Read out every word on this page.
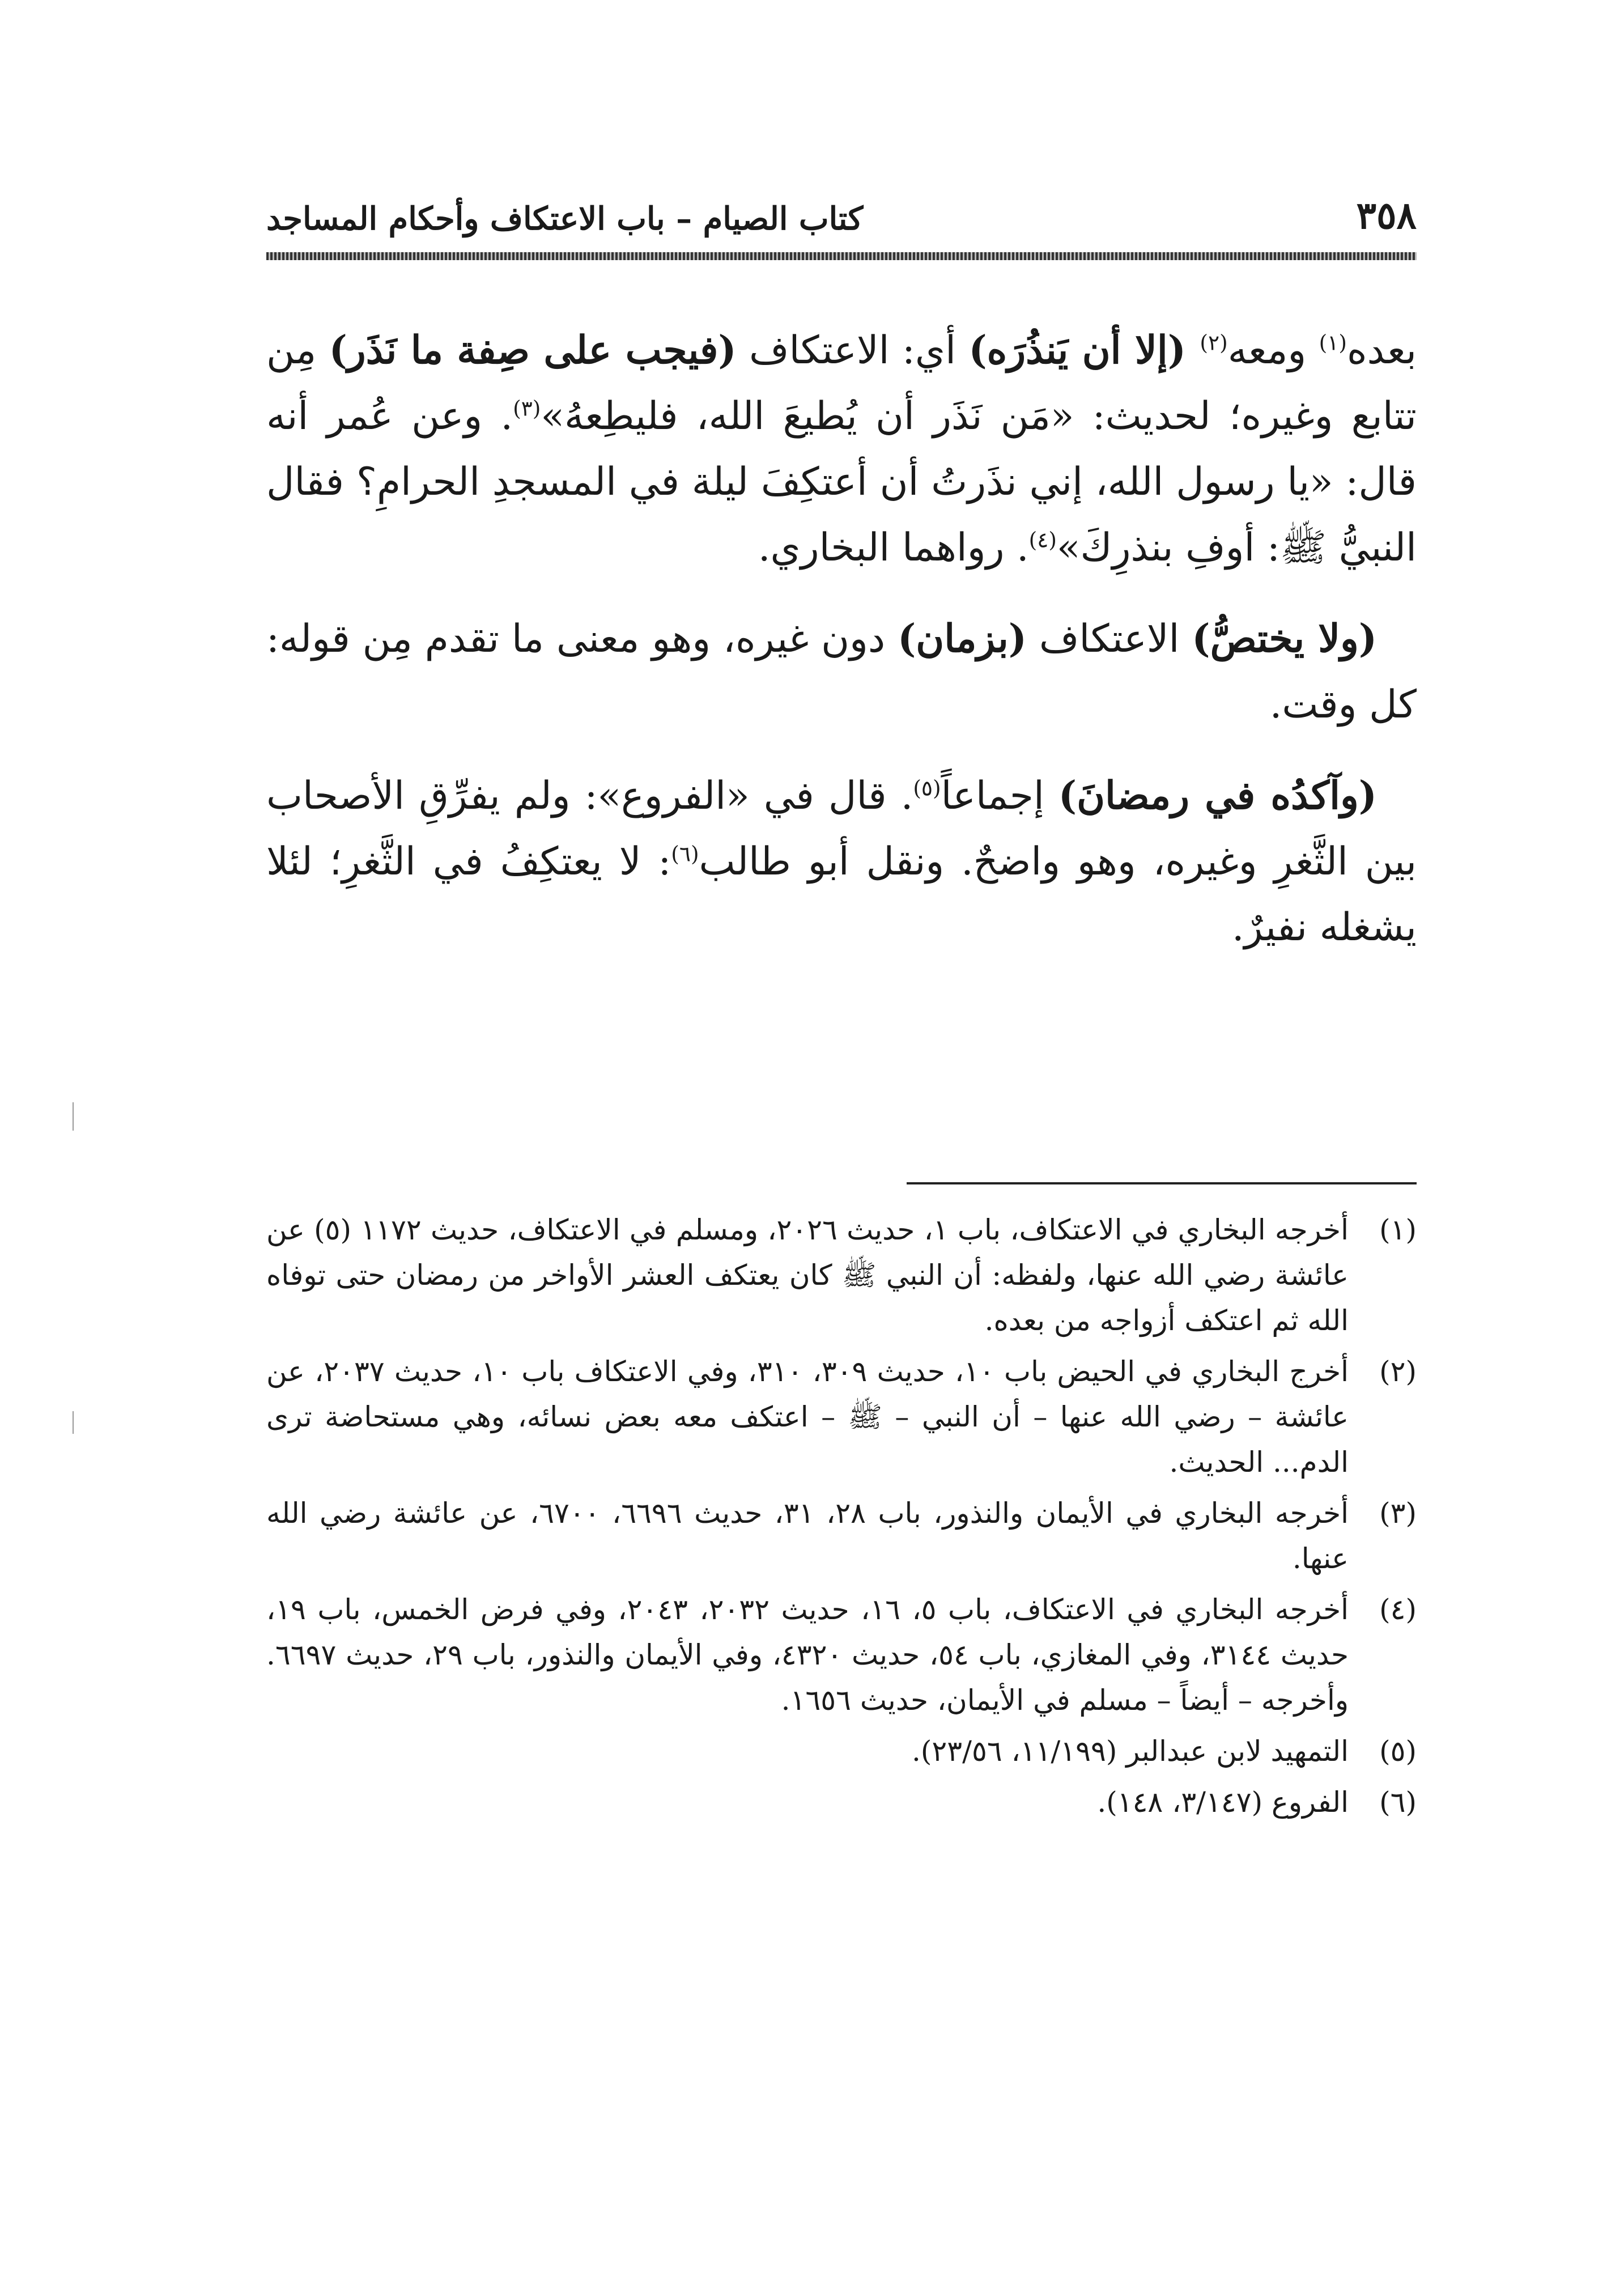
٣٥٨
كتاب الصيام – باب الاعتكاف وأحكام المساجد

بعده$^{(١)}$ ومعه$^{(٢)}$ (إلا أن يَنذُرَه) أي: الاعتكاف (فيجب على صِفة ما نَذَر) مِن تتابع وغيره؛ لحديث: «مَن نَذَر أن يُطيعَ الله، فليطِعهُ»$^{(٣)}$. وعن عُمر أنه قال: «يا رسول الله، إني نذَرتُ أن أعتكِفَ ليلة في المسجدِ الحرامِ؟ فقال النبيُّ ﷺ: أوفِ بنذرِكَ»$^{(٤)}$. رواهما البخاري.

(ولا يختصُّ) الاعتكاف (بزمان) دون غيره، وهو معنى ما تقدم مِن قوله: كل وقت.

(وآكدُه في رمضانَ) إجماعاً$^{(٥)}$. قال في «الفروع»: ولم يفرِّقِ الأصحاب بين الثَّغرِ وغيره، وهو واضحٌ. ونقل أبو طالب$^{(٦)}$: لا يعتكِفُ في الثَّغرِ؛ لئلا يشغله نفيرٌ.

(١)
أخرجه البخاري في الاعتكاف، باب ١، حديث ٢٠٢٦، ومسلم في الاعتكاف، حديث ١١٧٢ (٥) عن عائشة رضي الله عنها، ولفظه: أن النبي ﷺ كان يعتكف العشر الأواخر من رمضان حتى توفاه الله ثم اعتكف أزواجه من بعده.
(٢)
أخرج البخاري في الحيض باب ١٠، حديث ٣٠٩، ٣١٠، وفي الاعتكاف باب ١٠، حديث ٢٠٣٧، عن عائشة – رضي الله عنها – أن النبي – ﷺ – اعتكف معه بعض نسائه، وهي مستحاضة ترى الدم... الحديث.
(٣)
أخرجه البخاري في الأيمان والنذور، باب ٢٨، ٣١، حديث ٦٦٩٦، ٦٧٠٠، عن عائشة رضي الله عنها.
(٤)
أخرجه البخاري في الاعتكاف، باب ٥، ١٦، حديث ٢٠٣٢، ٢٠٤٣، وفي فرض الخمس، باب ١٩، حديث ٣١٤٤، وفي المغازي، باب ٥٤، حديث ٤٣٢٠، وفي الأيمان والنذور، باب ٢٩، حديث ٦٦٩٧. وأخرجه – أيضاً – مسلم في الأيمان، حديث ١٦٥٦.
(٥)
التمهيد لابن عبدالبر (١١/١٩٩، ٢٣/٥٦).
(٦)
الفروع (٣/١٤٧، ١٤٨).
